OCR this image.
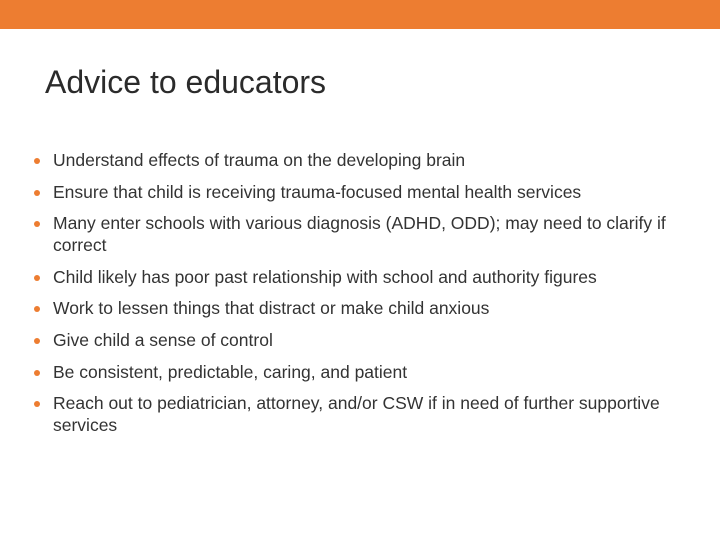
Advice to educators
Understand effects of trauma on the developing brain
Ensure that child is receiving trauma-focused mental health services
Many enter schools with various diagnosis (ADHD, ODD); may need to clarify if correct
Child likely has poor past relationship with school and authority figures
Work to lessen things that distract or make child anxious
Give child a sense of control
Be consistent, predictable, caring, and patient
Reach out to pediatrician, attorney, and/or CSW if in need of further supportive services
